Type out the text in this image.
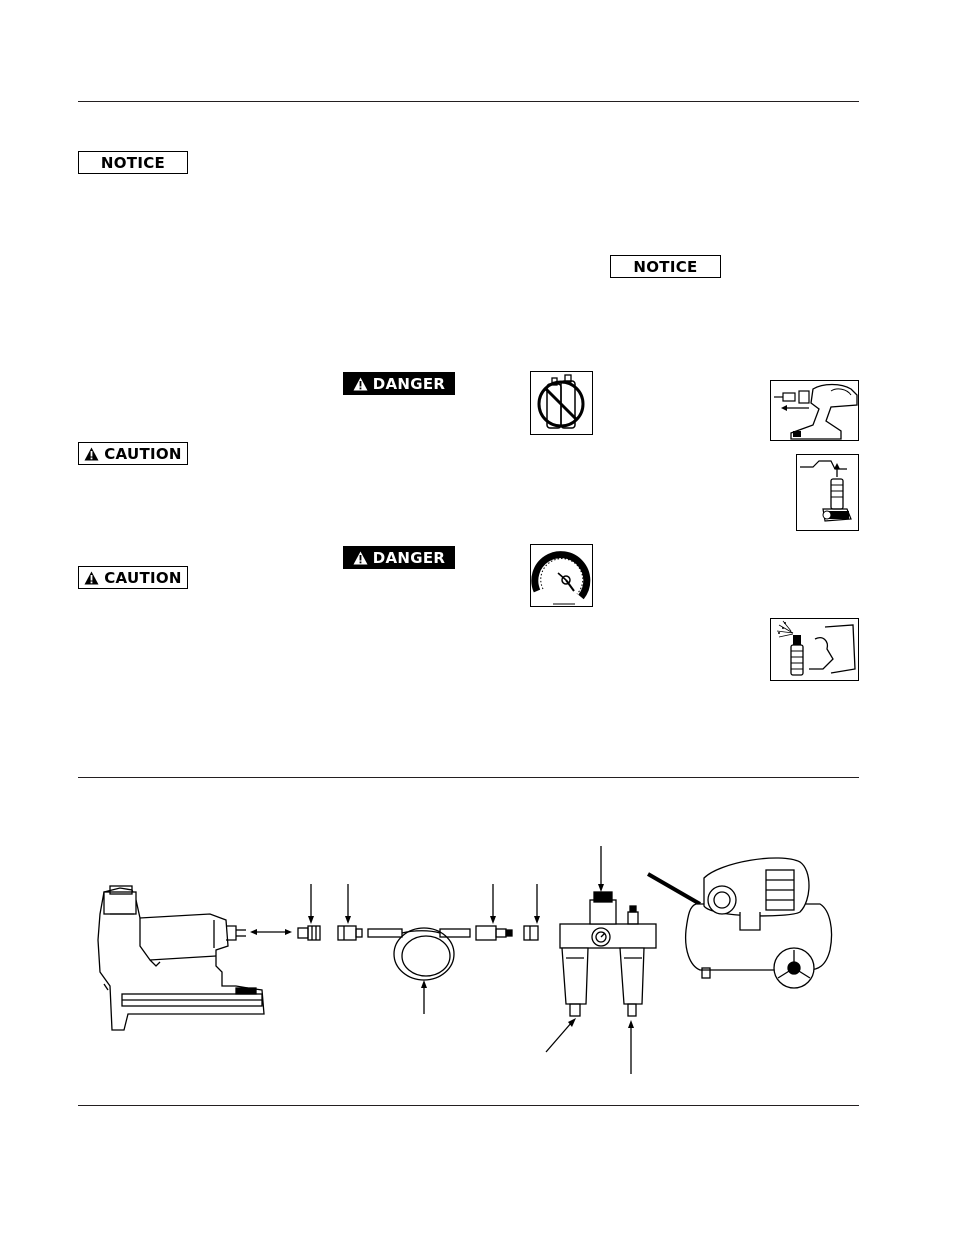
NOTICE
NOTICE
DANGER
DANGER
CAUTION
CAUTION
